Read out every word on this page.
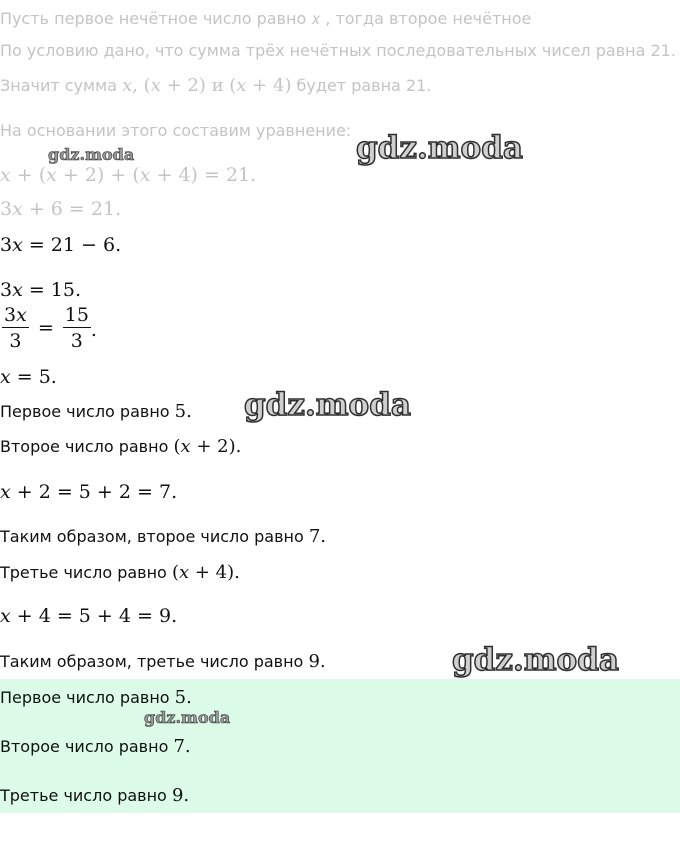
Пусть первое нечётное число равно 𝑥 , тогда второе нечётное
По условию дано, что сумма трёх нечётных последовательных чисел равна 21.
Значит сумма 𝑥, (𝑥 + 2) и (𝑥 + 4) будет равна 21.
На основании этого составим уравнение:
𝑥 + (𝑥 + 2) + (𝑥 + 4) = 21.
3𝑥 + 6 = 21.
3𝑥 = 21 − 6.
3𝑥 = 15.
3𝑥
3
= $\frac{15}{3}$ .
𝑥 = 5.
Первое число равно 5.
Второе число равно (𝑥 + 2).
𝑥 + 2 = 5 + 2 = 7.
Таким образом, второе число равно 7.
Третье число равно (𝑥 + 4).
𝑥 + 4 = 5 + 4 = 9.
Таким образом, третье число равно 9.
Первое число равно 5.
Второе число равно 7.
Третье число равно 9.
gdz.moda	gdz.moda
gdz.moda
gdz.moda
gdz.moda
